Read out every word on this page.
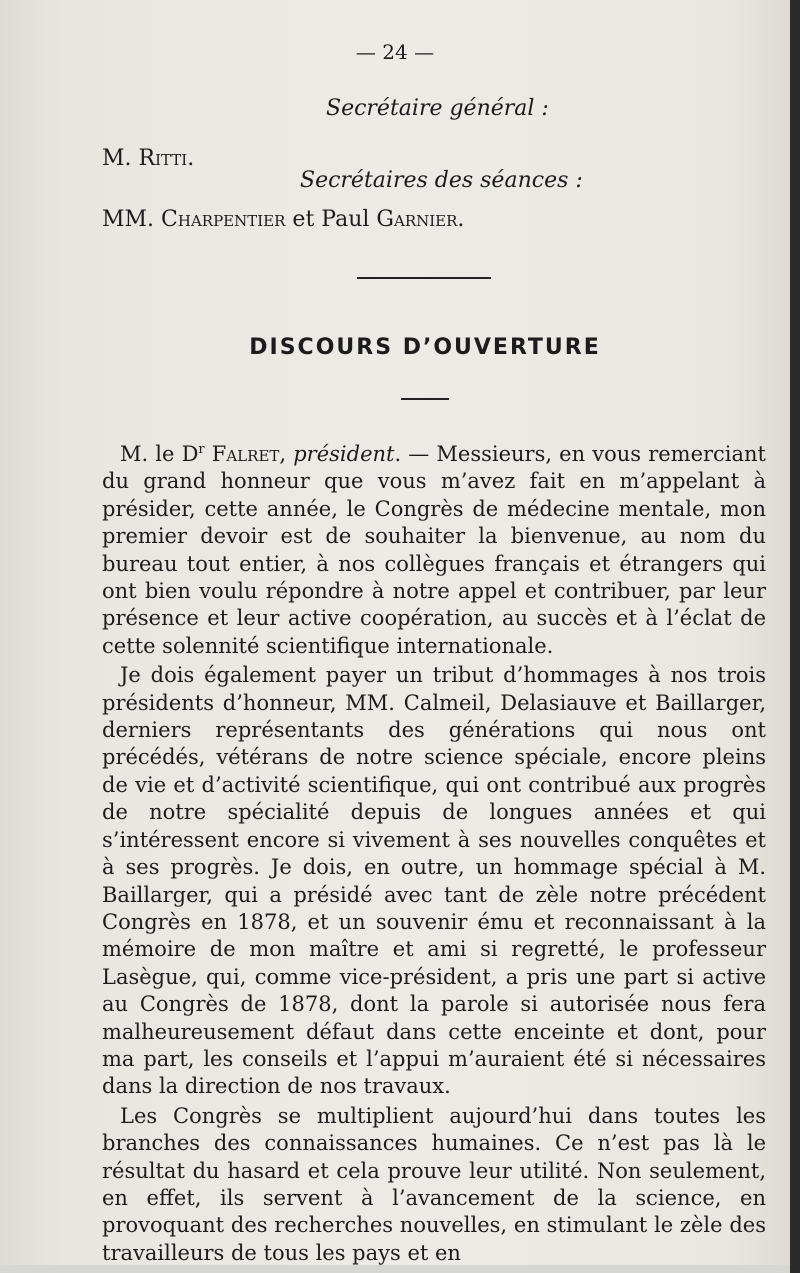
— 24 —
Secrétaire général :
M. Ritti.
Secrétaires des séances :
MM. Charpentier et Paul Garnier.
DISCOURS D’OUVERTURE

M. le $D^r$ Falret, président. — Messieurs, en vous remerciant du grand honneur que vous m’avez fait en m’appelant à présider, cette année, le Congrès de médecine mentale, mon premier devoir est de souhaiter la bienvenue, au nom du bureau tout entier, à nos collègues français et étrangers qui ont bien voulu répondre à notre appel et contribuer, par leur présence et leur active coopération, au succès et à l’éclat de cette solennité scientifique internationale.

Je dois également payer un tribut d’hommages à nos trois présidents d’honneur, MM. Calmeil, Delasiauve et Baillarger, derniers représentants des générations qui nous ont précédés, vétérans de notre science spéciale, encore pleins de vie et d’activité scientifique, qui ont contribué aux progrès de notre spécialité depuis de longues années et qui s’intéressent encore si vivement à ses nouvelles conquêtes et à ses progrès. Je dois, en outre, un hommage spécial à M. Baillarger, qui a présidé avec tant de zèle notre précédent Congrès en 1878, et un souvenir ému et reconnaissant à la mémoire de mon maître et ami si regretté, le professeur Lasègue, qui, comme vice-président, a pris une part si active au Congrès de 1878, dont la parole si autorisée nous fera malheureusement défaut dans cette enceinte et dont, pour ma part, les conseils et l’appui m’auraient été si nécessaires dans la direction de nos travaux.

Les Congrès se multiplient aujourd’hui dans toutes les branches des connaissances humaines. Ce n’est pas là le résultat du hasard et cela prouve leur utilité. Non seulement, en effet, ils servent à l’avancement de la science, en provoquant des recherches nouvelles, en stimulant le zèle des travailleurs de tous les pays et en
